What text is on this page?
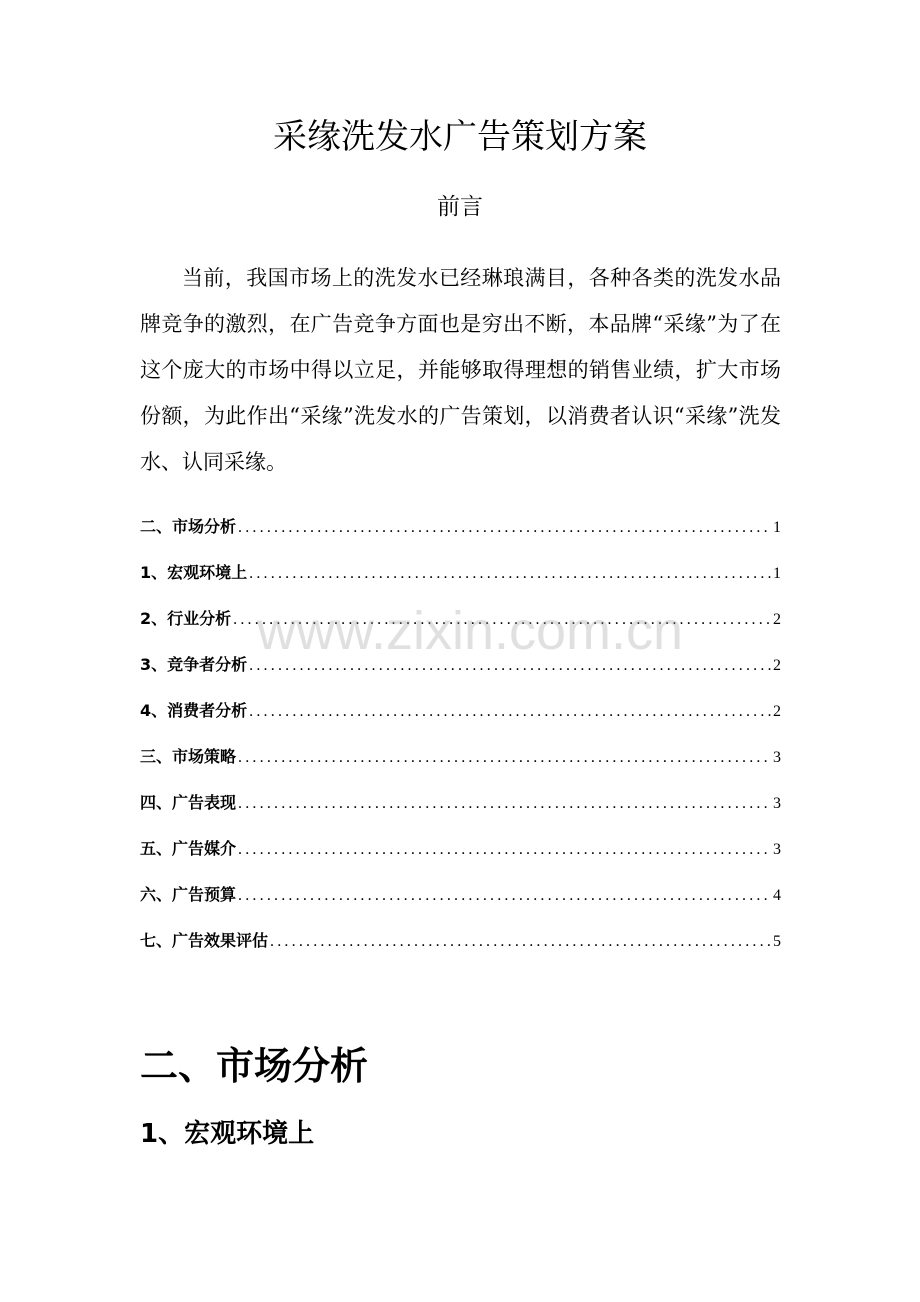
采缘洗发水广告策划方案
前言

当前，我国市场上的洗发水已经琳琅满目，各种各类的洗发水品牌竞争的激烈，在广告竞争方面也是穷出不断，本品牌“采缘”为了在这个庞大的市场中得以立足，并能够取得理想的销售业绩，扩大市场份额，为此作出“采缘”洗发水的广告策划，以消费者认识“采缘”洗发水、认同采缘。

二、市场分析 .....	1
1、宏观环境上 .....	1
2、行业分析 .....	2
3、竞争者分析 .....	2
4、消费者分析 .....	2
三、市场策略 .....	3
四、广告表现 .....	3
五、广告媒介 .....	3
六、广告预算 .....	4
七、广告效果评估 .....	5
www.zixin.com.cn
二、市场分析
1、宏观环境上
